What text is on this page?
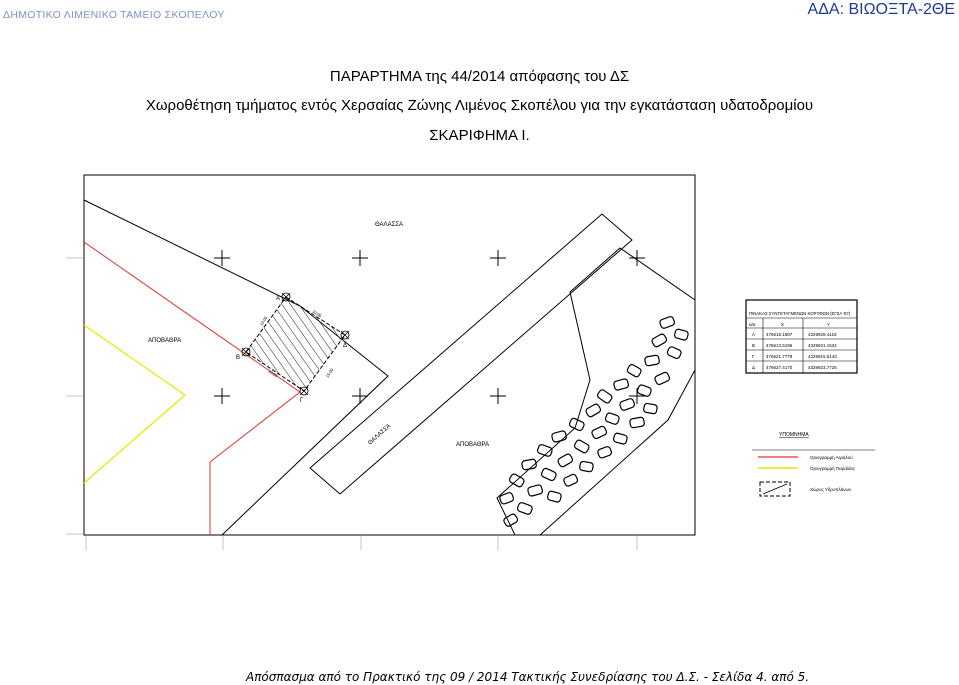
ΔΗΜΟΤΙΚΟ ΛΙΜΕΝΙΚΟ ΤΑΜΕΙΟ ΣΚΟΠΕΛΟΥ	ΑΔΑ: ΒΙΩΟΞΤΑ-2ΘΕ
ΠΑΡΑΡΤΗΜΑ της 44/2014 απόφασης του ΔΣ
Χωροθέτηση τμήματος εντός Χερσαίας Ζώνης Λιμένος Σκοπέλου για την εγκατάσταση υδατοδρομίου
ΣΚΑΡΙΦΗΜΑ Ι.
Α
Δ
Γ
Β
10,00
10,00
10,00	15,00
ΘΑΛΑΣΣΑ
ΘΑΛΑΣΣΑ
ΑΠΟΒΑΘΡΑ
ΑΠΟΒΑΘΡΑ
ΠΙΝΑΚΑΣ ΣΥΝΤΕΤΑΓΜΕΝΩΝ ΚΟΡΥΦΩΝ (ΕΓΣΑ '87)
α/α	Χ	Υ
Α 476619.1587	4329929.4118
Β 476613.5196	4329921.1534
Γ	476621.7779	4329915.5143
Δ 476627.4170	4329923.7726
ΥΠΟΜΝΗΜΑ
Οριογραμμή Αιγιαλού
Οριογραμμή Παραλίας
Χώρος Υδροπλάνων
Απόσπασμα από το Πρακτικό της 09 / 2014 Τακτικής Συνεδρίασης του Δ.Σ. - Σελίδα 4. από 5.
